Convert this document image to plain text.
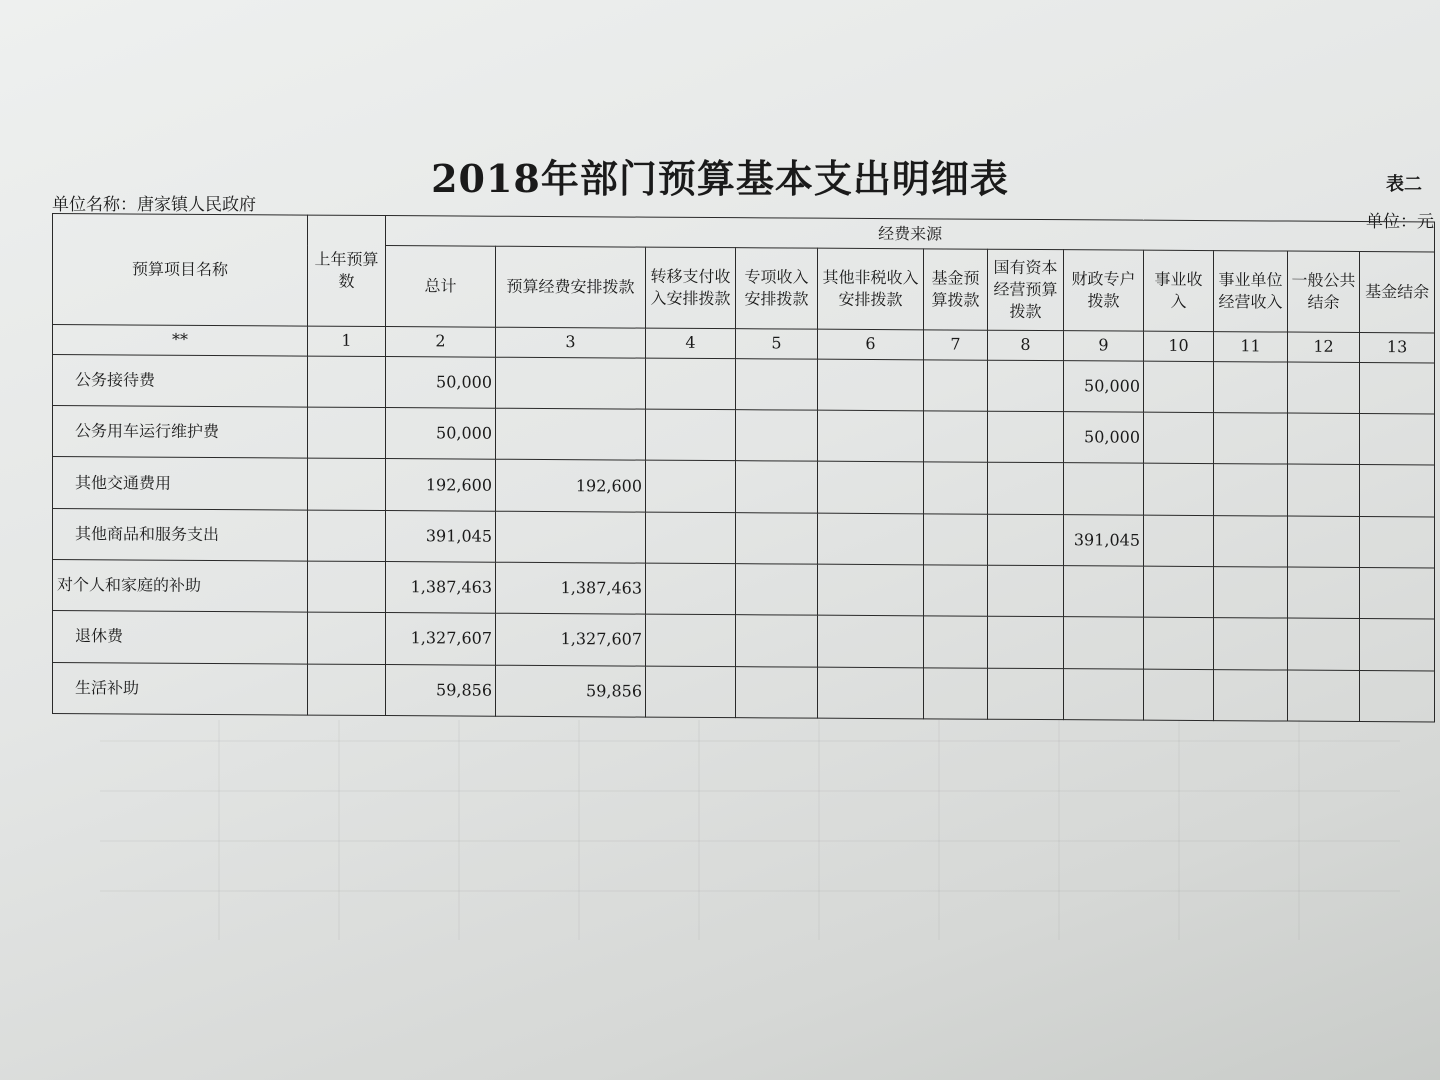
2018年部门预算基本支出明细表	表二
单位名称：唐家镇人民政府
单位：元
预算项目名称	上年预算数	经费来源											
		总计	预算经费安排拨款	转移支付收入安排拨款	专项收入安排拨款	其他非税收入安排拨款	基金预算拨款	国有资本经营预算拨款	财政专户拨款	事业收入	事业单位经营收入	一般公共结余	基金结余
**	1	2	3	4	5	6	7	8	9	10	11	12	13
公务接待费		50,000							50,000				
公务用车运行维护费		50,000							50,000				
其他交通费用		192,600	192,600										
其他商品和服务支出		391,045							391,045				
对个人和家庭的补助		1,387,463	1,387,463										
退休费		1,327,607	1,327,607										
生活补助		59,856	59,856										
